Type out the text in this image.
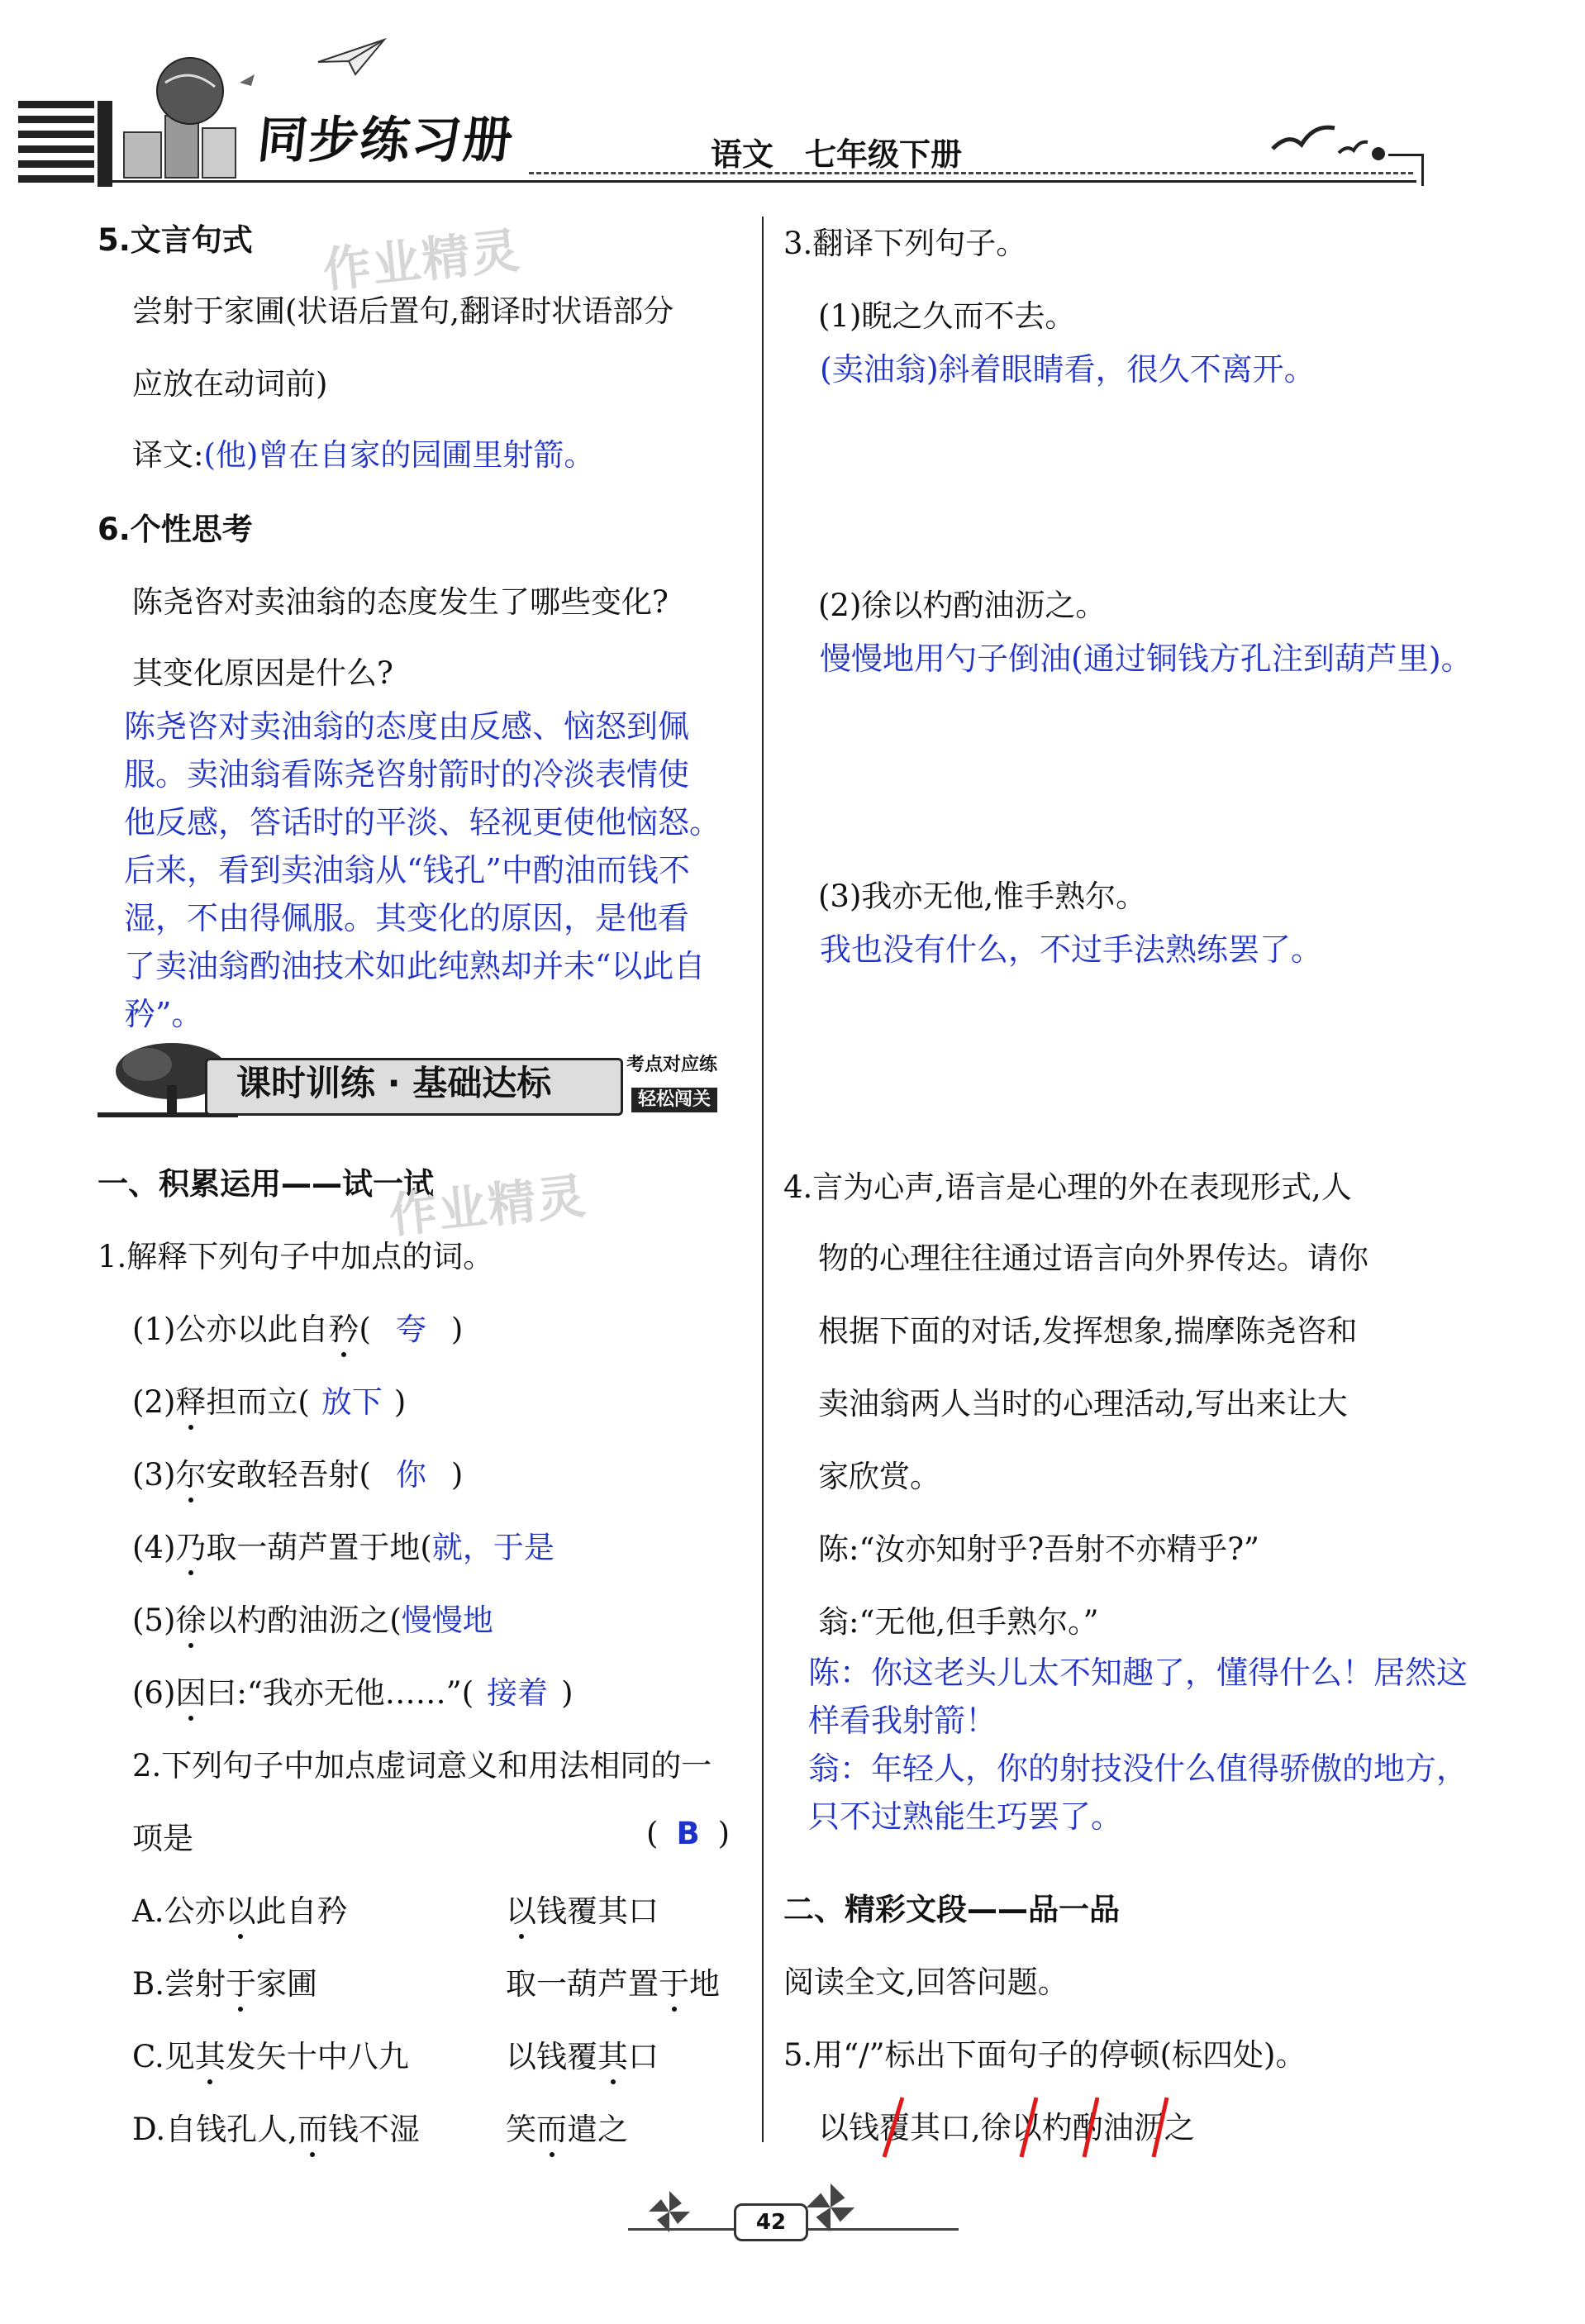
同步练习册	语文　七年级下册
5.文言句式 作业精灵
尝射于家圃(状语后置句,翻译时状语部分
应放在动词前)
译文:(他)曾在自家的园圃里射箭。
6.个性思考
陈尧咨对卖油翁的态度发生了哪些变化?
其变化原因是什么?
陈尧咨对卖油翁的态度由反感、恼怒到佩
服。卖油翁看陈尧咨射箭时的冷淡表情使
他反感，答话时的平淡、轻视更使他恼怒。
后来，看到卖油翁从“钱孔”中酌油而钱不
湿，不由得佩服。其变化的原因，是他看
了卖油翁酌油技术如此纯熟却并未“以此自
矜”。
课时训练 · 基础达标	考点对应练
轻松闯关
一、积累运用——试一试
作业精灵
1.解释下列句子中加点的词。
(1)公亦以此自矜( 夸 )
(2)释担而立( 放下 )
(3)尔安敢轻吾射( 你 )
(4)乃取一葫芦置于地(就，于是
(5)徐以杓酌油沥之(慢慢地
(6)因曰:“我亦无他……”( 接着 )
2.下列句子中加点虚词意义和用法相同的一
项是	( B )
A.公亦以此自矜	以钱覆其口
B.尝射于家圃	取一葫芦置于地
C.见其发矢十中八九	以钱覆其口
D.自钱孔人,而钱不湿	笑而遣之
3.翻译下列句子。
(1)睨之久而不去。
(卖油翁)斜着眼睛看，很久不离开。
(2)徐以杓酌油沥之。
慢慢地用勺子倒油(通过铜钱方孔注到葫芦里)。
(3)我亦无他,惟手熟尔。
我也没有什么，不过手法熟练罢了。
4.言为心声,语言是心理的外在表现形式,人
物的心理往往通过语言向外界传达。请你
根据下面的对话,发挥想象,揣摩陈尧咨和
卖油翁两人当时的心理活动,写出来让大
家欣赏。
陈:“汝亦知射乎?吾射不亦精乎?”
翁:“无他,但手熟尔。”
陈：你这老头儿太不知趣了，懂得什么！居然这
样看我射箭！
翁：年轻人，你的射技没什么值得骄傲的地方，
只不过熟能生巧罢了。
二、精彩文段——品一品
阅读全文,回答问题。
5.用“/”标出下面句子的停顿(标四处)。
以钱覆其口,徐以杓酌油沥之
42
